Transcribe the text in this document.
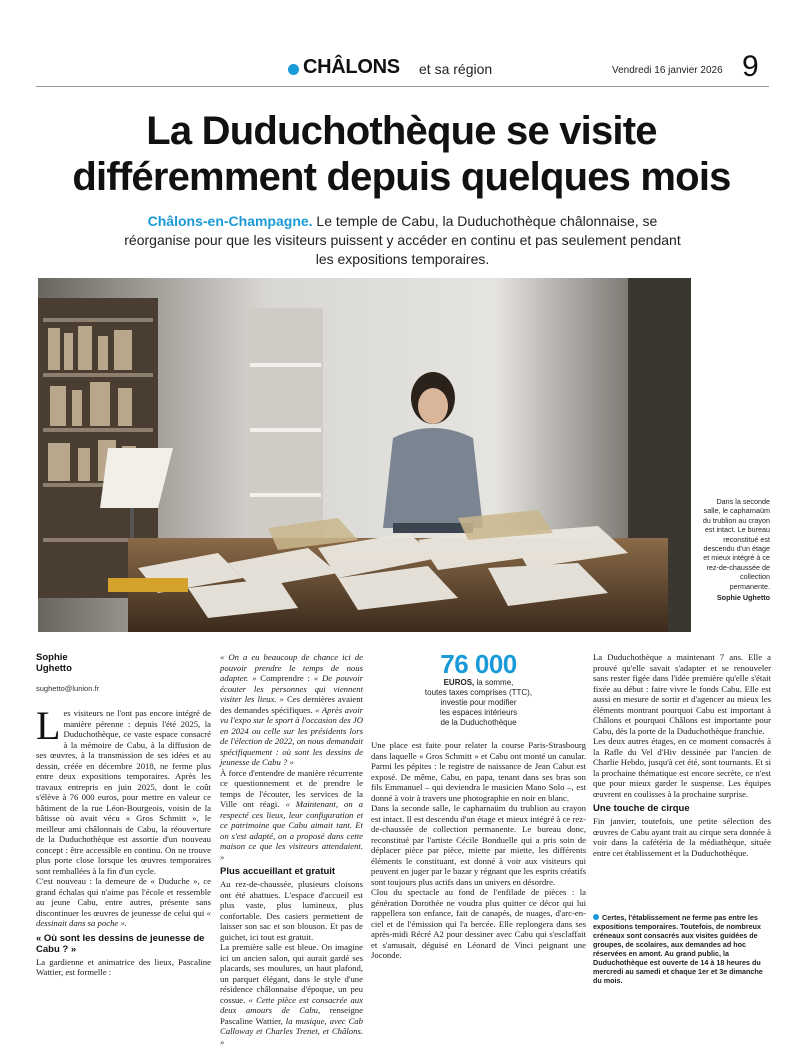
CHÂLONS et sa région	Vendredi 16 janvier 2026 9
La Duduchothèque se visite
différemment depuis quelques mois

Châlons-en-Champagne. Le temple de Cabu, la Duduchothèque châlonnaise, se réorganise pour que les visiteurs puissent y accéder en continu et pas seulement pendant les expositions temporaires.

Dans la seconde salle, le capharnaüm du trublion au crayon est intact. Le bureau reconstitué est descendu d'un étage et mieux intégré à ce rez-de-chaussée de collection permanente.
Sophie Ughetto
Sophie
Ughetto
sughetto@lunion.fr

Les visiteurs ne l'ont pas encore intégré de manière pérenne : depuis l'été 2025, la Duduchothèque, ce vaste espace consacré à la mémoire de Cabu, à la diffusion de ses œuvres, à la transmission de ses idées et au dessin, créée en décembre 2018, ne ferme plus entre deux expositions temporaires. Après les travaux entrepris en juin 2025, dont le coût s'élève à 76 000 euros, pour mettre en valeur ce bâtiment de la rue Léon-Bourgeois, voisin de la bâtisse où avait vécu « Gros Schmitt », le meilleur ami châlonnais de Cabu, la réouverture de la Duduchothèque est assortie d'un nouveau concept : être accessible en continu. On ne trouve plus porte close lorsque les œuvres temporaires sont remballées à la fin d'un cycle.

C'est nouveau : la demeure de « Duduche », ce grand échalas qui n'aime pas l'école et ressemble au jeune Cabu, entre autres, présente sans discontinuer les œuvres de jeunesse de celui qui « dessinait dans sa poche ».

« Où sont les dessins de jeunesse de Cabu ? »

La gardienne et animatrice des lieux, Pascaline Wattier, est formelle :

« On a eu beaucoup de chance ici de pouvoir prendre le temps de nous adapter. » Comprendre : « De pouvoir écouter les personnes qui viennent visiter les lieux. » Ces dernières avaient des demandes spécifiques. « Après avoir vu l'expo sur le sport à l'occasion des JO en 2024 ou celle sur les présidents lors de l'élection de 2022, on nous demandait spécifiquement : où sont les dessins de jeunesse de Cabu ? »

À force d'entendre de manière récurrente ce questionnement et de prendre le temps de l'écouter, les services de la Ville ont réagi. « Maintenant, on a respecté ces lieux, leur configuration et ce patrimoine que Cabu aimait tant. Et on s'est adapté, on a proposé dans cette maison ce que les visiteurs attendaient. »

Plus accueillant et gratuit

Au rez-de-chaussée, plusieurs cloisons ont été abattues. L'espace d'accueil est plus vaste, plus lumineux, plus confortable. Des casiers permettent de laisser son sac et son blouson. Et pas de guichet, ici tout est gratuit.

La première salle est bleue. On imagine ici un ancien salon, qui aurait gardé ses placards, ses moulures, un haut plafond, un parquet élégant, dans le style d'une résidence châlonnaise d'époque, un peu cossue. « Cette pièce est consacrée aux deux amours de Cabu, renseigne Pascaline Wattier, la musique, avec Cab Calloway et Charles Trenet, et Châlons. »

76 000
EUROS, la somme,
toutes taxes comprises (TTC),
investie pour modifier
les espaces intérieurs
de la Duduchothèque

Une place est faite pour relater la course Paris-Strasbourg dans laquelle « Gros Schmitt » et Cabu ont monté un canular. Parmi les pépites : le registre de naissance de Jean Cabut est exposé. De même, Cabu, en papa, tenant dans ses bras son fils Emmanuel – qui deviendra le musicien Mano Solo –, est donné à voir à travers une photographie en noir en blanc.

Dans la seconde salle, le capharnaüm du trublion au crayon est intact. Il est descendu d'un étage et mieux intégré à ce rez-de-chaussée de collection permanente. Le bureau donc, reconstitué par l'artiste Cécile Bonduelle qui a pris soin de déplacer pièce par pièce, miette par miette, les différents éléments le constituant, est donné à voir aux visiteurs qui peuvent en juger par le bazar y régnant que les esprits créatifs sont toujours plus actifs dans un univers en désordre.

Clou du spectacle au fond de l'enfilade de pièces : la génération Dorothée ne voudra plus quitter ce décor qui lui rappellera son enfance, fait de canapés, de nuages, d'arc-en-ciel et de l'émission qui l'a bercée. Elle replongera dans ses après-midi Récré A2 pour dessiner avec Cabu qui s'esclaffait et s'amusait, déguisé en Léonard de Vinci peignant une Joconde.

La Duduchothèque a maintenant 7 ans. Elle a prouvé qu'elle savait s'adapter et se renouveler sans rester figée dans l'idée première qu'elle s'était fixée au début : faire vivre le fonds Cabu. Elle est aussi en mesure de sortir et d'agencer au mieux les éléments montrant pourquoi Cabu est important à Châlons et pourquoi Châlons est importante pour Cabu, dès la porte de la Duduchothèque franchie.

Les deux autres étages, en ce moment consacrés à la Rafle du Vel d'Hiv dessinée par l'ancien de Charlie Hebdo, jusqu'à cet été, sont tournants. Et si la prochaine thématique est encore secrète, ce n'est que pour mieux garder le suspense. Les équipes œuvrent en coulisses à la prochaine surprise.

Une touche de cirque

Fin janvier, toutefois, une petite sélection des œuvres de Cabu ayant trait au cirque sera donnée à voir dans la cafétéria de la médiathèque, située entre cet établissement et la Duduchothèque.

Certes, l'établissement ne ferme pas entre les expositions temporaires. Toutefois, de nombreux créneaux sont consacrés aux visites guidées de groupes, de scolaires, aux demandes ad hoc réservées en amont. Au grand public, la Duduchothèque est ouverte de 14 à 18 heures du mercredi au samedi et chaque 1er et 3e dimanche du mois.
